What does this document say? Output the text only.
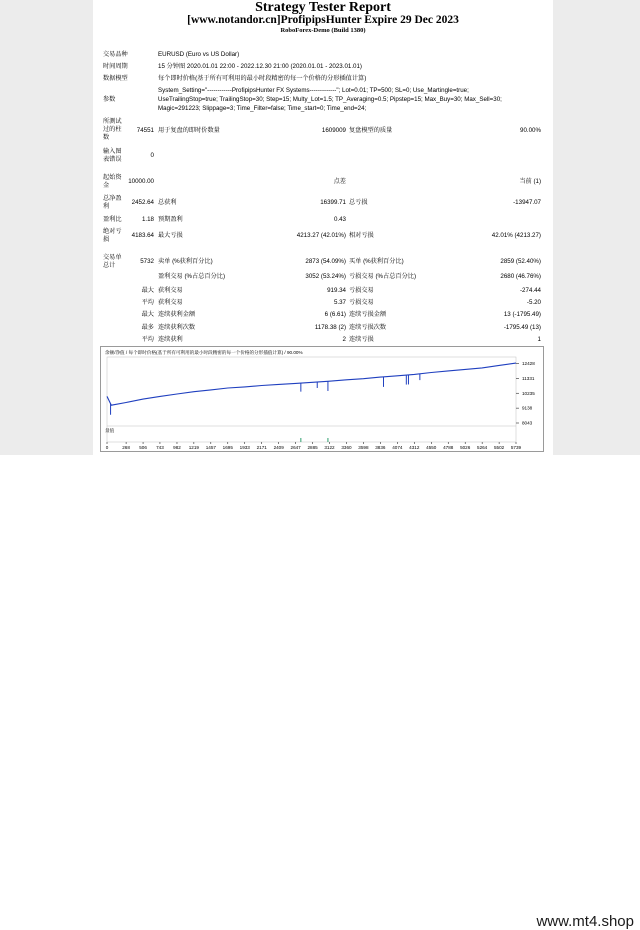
Strategy Tester Report
[www.notandor.cn]ProfipipsHunter Expire 29 Dec 2023
RoboForex-Demo (Build 1380)
交易品种	EURUSD (Euro vs US Dollar)
时间周期	15 分钟图 2020.01.01 22:00 - 2022.12.30 21:00 (2020.01.01 - 2023.01.01)
数据模型	每个即时价格(基于所有可利用的最小时段精密的每一个价格的分形插值计算)
参数
System_Setting="------------ProfipipsHunter FX Systems-------------"; Lot=0.01; TP=500; SL=0; Use_Martingle=true;
UseTrailingStop=true; TrailingStop=30; Step=15; Multy_Lot=1.5; TP_Averaging=0.5; Pipstep=15; Max_Buy=30; Max_Sell=30;
Magic=291223; Slippage=3; Time_Filter=false; Time_start=0; Time_end=24;
所测试
过的柱
数
74551 用于复盘的即时价数量	1609009 复盘模型的质量	90.00%
输入图
表错误
0
起始资
金
10000.00	点差	当前 (1)
总净盈
利
2452.64 总获利	16399.71 总亏损	-13947.07
盈利比	1.18 预期盈利	0.43
绝对亏
损
4183.64 最大亏损	4213.27 (42.01%) 相对亏损	42.01% (4213.27)
交易单
总计
5732 卖单 (%获利百分比)	2873 (54.09%) 买单 (%获利百分比)	2859 (52.40%)
盈利交易 (%占总百分比)	3052 (53.24%) 亏损交易 (%占总百分比)	2680 (46.76%)
最大 获利交易	919.34 亏损交易	-274.44
平均 获利交易	5.37 亏损交易	-5.20
最大 连续获利金额	6 (6.61) 连续亏损金额	13 (-1795.49)
最多 连续获利次数	1178.38 (2) 连续亏损次数	-1795.49 (13)
平均 连续获利	2 连续亏损	1
余额/净值 / 每个即时价格(基于所有可利用的最小时段精密的每一个价格的分形插值计算) / 90.00%
量值
12428
11331
10235
9138
8043
0	268 506 743 982 1219 1457 1695 1933 2171 2409 2647 2885 3122 3360 3598 3836 4074 4312 4550 4788 5026 5264 5502 5739
www.mt4.shop
